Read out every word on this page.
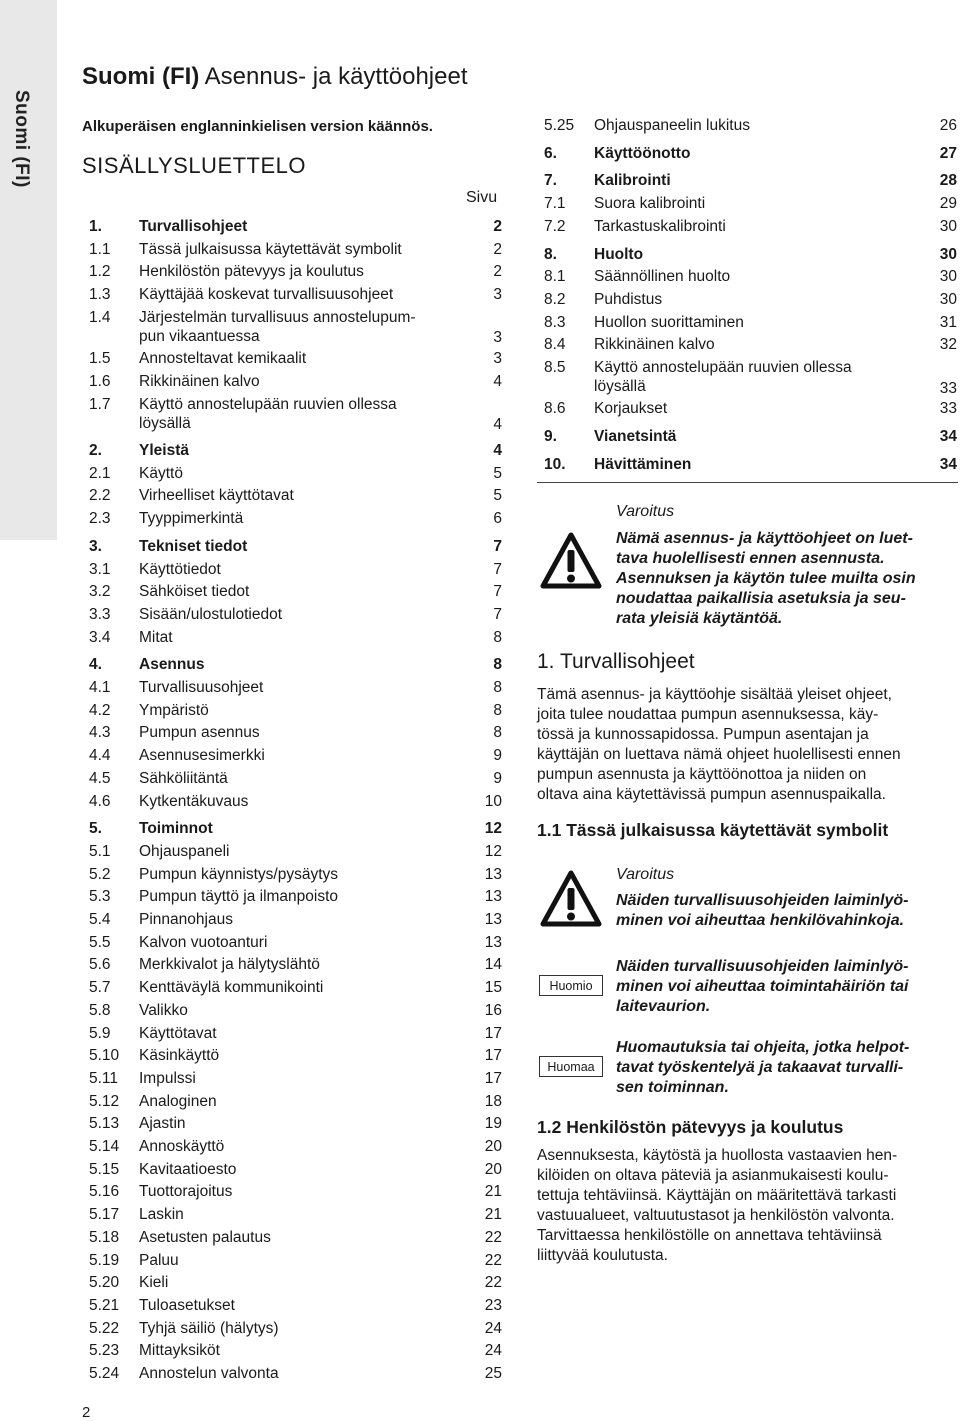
Suomi (FI)
Suomi (FI) Asennus- ja käyttöohjeet
Alkuperäisen englanninkielisen version käännös.
SISÄLLYSLUETTELO
Sivu
1. Turvallisohjeet	2
1.1 Tässä julkaisussa käytettävät symbolit	2
1.2 Henkilöstön pätevyys ja koulutus	2
1.3 Käyttäjää koskevat turvallisuusohjeet	3
1.4 Järjestelmän turvallisuus annostelupum-
pun vikaantuessa	3
1.5 Annosteltavat kemikaalit	3
1.6 Rikkinäinen kalvo	4
1.7 Käyttö annostelupään ruuvien ollessa
löysällä	4
2. Yleistä	4
2.1 Käyttö	5
2.2 Virheelliset käyttötavat	5
2.3 Tyyppimerkintä	6
3. Tekniset tiedot	7
3.1 Käyttötiedot	7
3.2 Sähköiset tiedot	7
3.3 Sisään/ulostulotiedot	7
3.4 Mitat	8
4. Asennus	8
4.1 Turvallisuusohjeet	8
4.2 Ympäristö	8
4.3 Pumpun asennus	8
4.4 Asennusesimerkki	9
4.5 Sähköliitäntä	9
4.6 Kytkentäkuvaus	10
5. Toiminnot	12
5.1 Ohjauspaneli	12
5.2 Pumpun käynnistys/pysäytys	13
5.3 Pumpun täyttö ja ilmanpoisto	13
5.4 Pinnanohjaus	13
5.5 Kalvon vuotoanturi	13
5.6 Merkkivalot ja hälytyslähtö	14
5.7 Kenttäväylä kommunikointi	15
5.8 Valikko	16
5.9 Käyttötavat	17
5.10 Käsinkäyttö	17
5.11 Impulssi	17
5.12 Analoginen	18
5.13 Ajastin	19
5.14 Annoskäyttö	20
5.15 Kavitaatioesto	20
5.16 Tuottorajoitus	21
5.17 Laskin	21
5.18 Asetusten palautus	22
5.19 Paluu	22
5.20 Kieli	22
5.21 Tuloasetukset	23
5.22 Tyhjä säiliö (hälytys)	24
5.23 Mittayksiköt	24
5.24 Annostelun valvonta	25
5.25 Ohjauspaneelin lukitus	26
6. Käyttöönotto	27
7. Kalibrointi	28
7.1 Suora kalibrointi	29
7.2 Tarkastuskalibrointi	30
8. Huolto	30
8.1 Säännöllinen huolto	30
8.2 Puhdistus	30
8.3 Huollon suorittaminen	31
8.4 Rikkinäinen kalvo	32
8.5 Käyttö annostelupään ruuvien ollessa
löysällä	33
8.6 Korjaukset	33
9. Vianetsintä	34
10. Hävittäminen	34
Varoitus
Nämä asennus- ja käyttöohjeet on luet-
tava huolellisesti ennen asennusta.
Asennuksen ja käytön tulee muilta osin
noudattaa paikallisia asetuksia ja seu-
rata yleisiä käytäntöä.
1. Turvallisohjeet
Tämä asennus- ja käyttöohje sisältää yleiset ohjeet,
joita tulee noudattaa pumpun asennuksessa, käy-
tössä ja kunnossapidossa. Pumpun asentajan ja
käyttäjän on luettava nämä ohjeet huolellisesti ennen
pumpun asennusta ja käyttöönottoa ja niiden on
oltava aina käytettävissä pumpun asennuspaikalla.
1.1 Tässä julkaisussa käytettävät symbolit
Varoitus
Näiden turvallisuusohjeiden laiminlyö-
minen voi aiheuttaa henkilövahinkoja.
Huomio
Näiden turvallisuusohjeiden laiminlyö-
minen voi aiheuttaa toimintahäiriön tai
laitevaurion.
Huomaa
Huomautuksia tai ohjeita, jotka helpot-
tavat työskentelyä ja takaavat turvalli-
sen toiminnan.
1.2 Henkilöstön pätevyys ja koulutus
Asennuksesta, käytöstä ja huollosta vastaavien hen-
kilöiden on oltava päteviä ja asianmukaisesti koulu-
tettuja tehtäviinsä. Käyttäjän on määritettävä tarkasti
vastuualueet, valtuutustasot ja henkilöstön valvonta.
Tarvittaessa henkilöstölle on annettava tehtäviinsä
liittyvää koulutusta.
2
